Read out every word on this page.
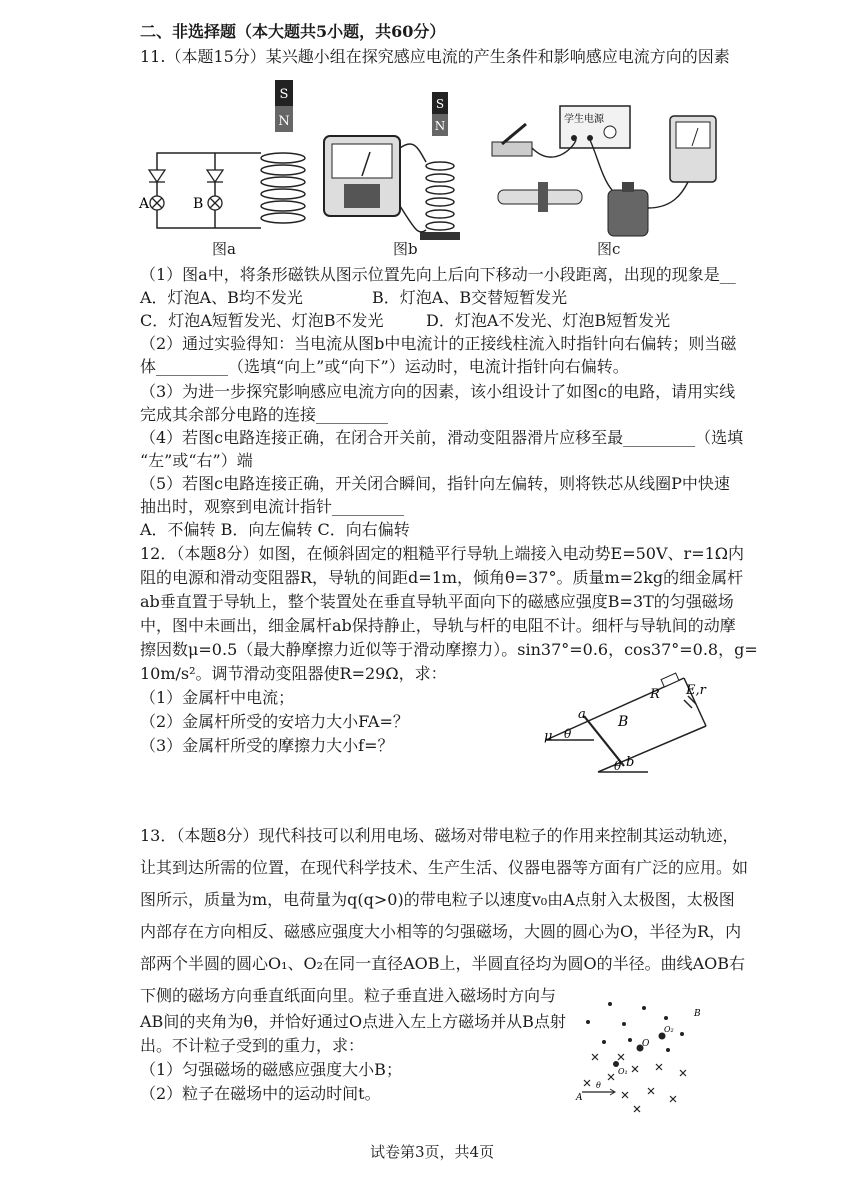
二、非选择题（本大题共5小题，共60分）
11.（本题15分）某兴趣小组在探究感应电流的产生条件和影响感应电流方向的因素
S
N
A	B
图a
S
N
图b
学生电源
图c
（1）图a中，将条形磁铁从图示位置先向上后向下移动一小段距离，出现的现象是__
A．灯泡A、B均不发光	B．灯泡A、B交替短暂发光
C．灯泡A短暂发光、灯泡B不发光	D．灯泡A不发光、灯泡B短暂发光
（2）通过实验得知：当电流从图b中电流计的正接线柱流入时指针向右偏转；则当磁
体_________（选填“向上”或“向下”）运动时，电流计指针向右偏转。
（3）为进一步探究影响感应电流方向的因素，该小组设计了如图c的电路，请用实线
完成其余部分电路的连接_________
（4）若图c电路连接正确，在闭合开关前，滑动变阻器滑片应移至最_________（选填
“左”或“右”）端
（5）若图c电路连接正确，开关闭合瞬间，指针向左偏转，则将铁芯从线圈P中快速
抽出时，观察到电流计指针_________
A．不偏转 B．向左偏转 C．向右偏转
12．（本题8分）如图，在倾斜固定的粗糙平行导轨上端接入电动势E=50V、r=1Ω内
阻的电源和滑动变阻器R，导轨的间距d=1m，倾角θ=37°。质量m=2kg的细金属杆
ab垂直置于导轨上，整个装置处在垂直导轨平面向下的磁感应强度B=3T的匀强磁场
中，图中未画出，细金属杆ab保持静止，导轨与杆的电阻不计。细杆与导轨间的动摩
擦因数μ=0.5（最大静摩擦力近似等于滑动摩擦力）。sin37°=0.6，cos37°=0.8，g=
10m/s²。调节滑动变阻器使R=29Ω，求：
（1）金属杆中电流；
（2）金属杆所受的安培力大小FA=？
（3）金属杆所受的摩擦力大小f=？
R E,r
a
b
B
μ θ
θ
13．（本题8分）现代科技可以利用电场、磁场对带电粒子的作用来控制其运动轨迹，
让其到达所需的位置，在现代科学技术、生产生活、仪器电器等方面有广泛的应用。如
图所示，质量为m，电荷量为q(q>0)的带电粒子以速度v₀由A点射入太极图，太极图
内部存在方向相反、磁感应强度大小相等的匀强磁场，大圆的圆心为O，半径为R，内
部两个半圆的圆心O₁、O₂在同一直径AOB上，半圆直径均为圆O的半径。曲线AOB右
下侧的磁场方向垂直纸面向里。粒子垂直进入磁场时方向与
AB间的夹角为θ，并恰好通过O点进入左上方磁场并从B点射
出。不计粒子受到的重力，求：
（1）匀强磁场的磁感应强度大小B；
（2）粒子在磁场中的运动时间t。	A
B
O
O₁
O₂
θ
试卷第3页，共4页
